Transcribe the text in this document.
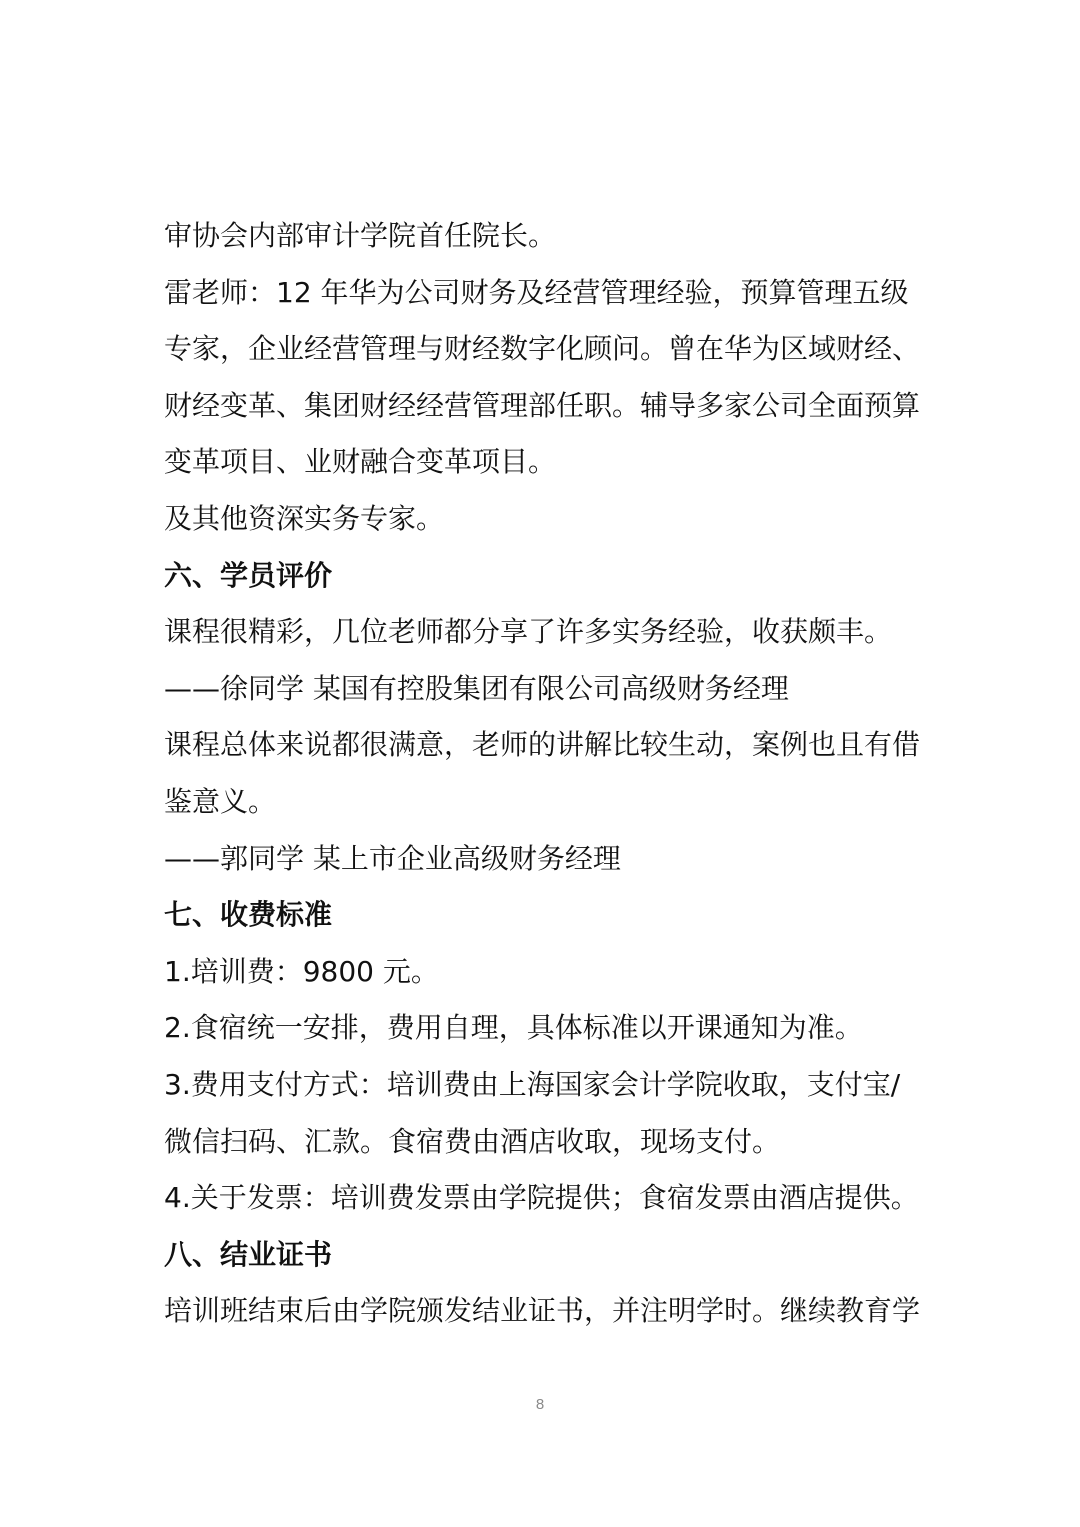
审协会内部审计学院首任院长。
雷老师：12 年华为公司财务及经营管理经验，预算管理五级
专家，企业经营管理与财经数字化顾问。曾在华为区域财经、
财经变革、集团财经经营管理部任职。辅导多家公司全面预算
变革项目、业财融合变革项目。
及其他资深实务专家。
六、学员评价
课程很精彩，几位老师都分享了许多实务经验，收获颇丰。
——徐同学 某国有控股集团有限公司高级财务经理
课程总体来说都很满意，老师的讲解比较生动，案例也且有借
鉴意义。
——郭同学 某上市企业高级财务经理
七、收费标准
1.培训费：9800 元。
2.食宿统一安排，费用自理，具体标准以开课通知为准。
3.费用支付方式：培训费由上海国家会计学院收取，支付宝/
微信扫码、汇款。食宿费由酒店收取，现场支付。
4.关于发票：培训费发票由学院提供；食宿发票由酒店提供。
八、结业证书
培训班结束后由学院颁发结业证书，并注明学时。继续教育学
8
